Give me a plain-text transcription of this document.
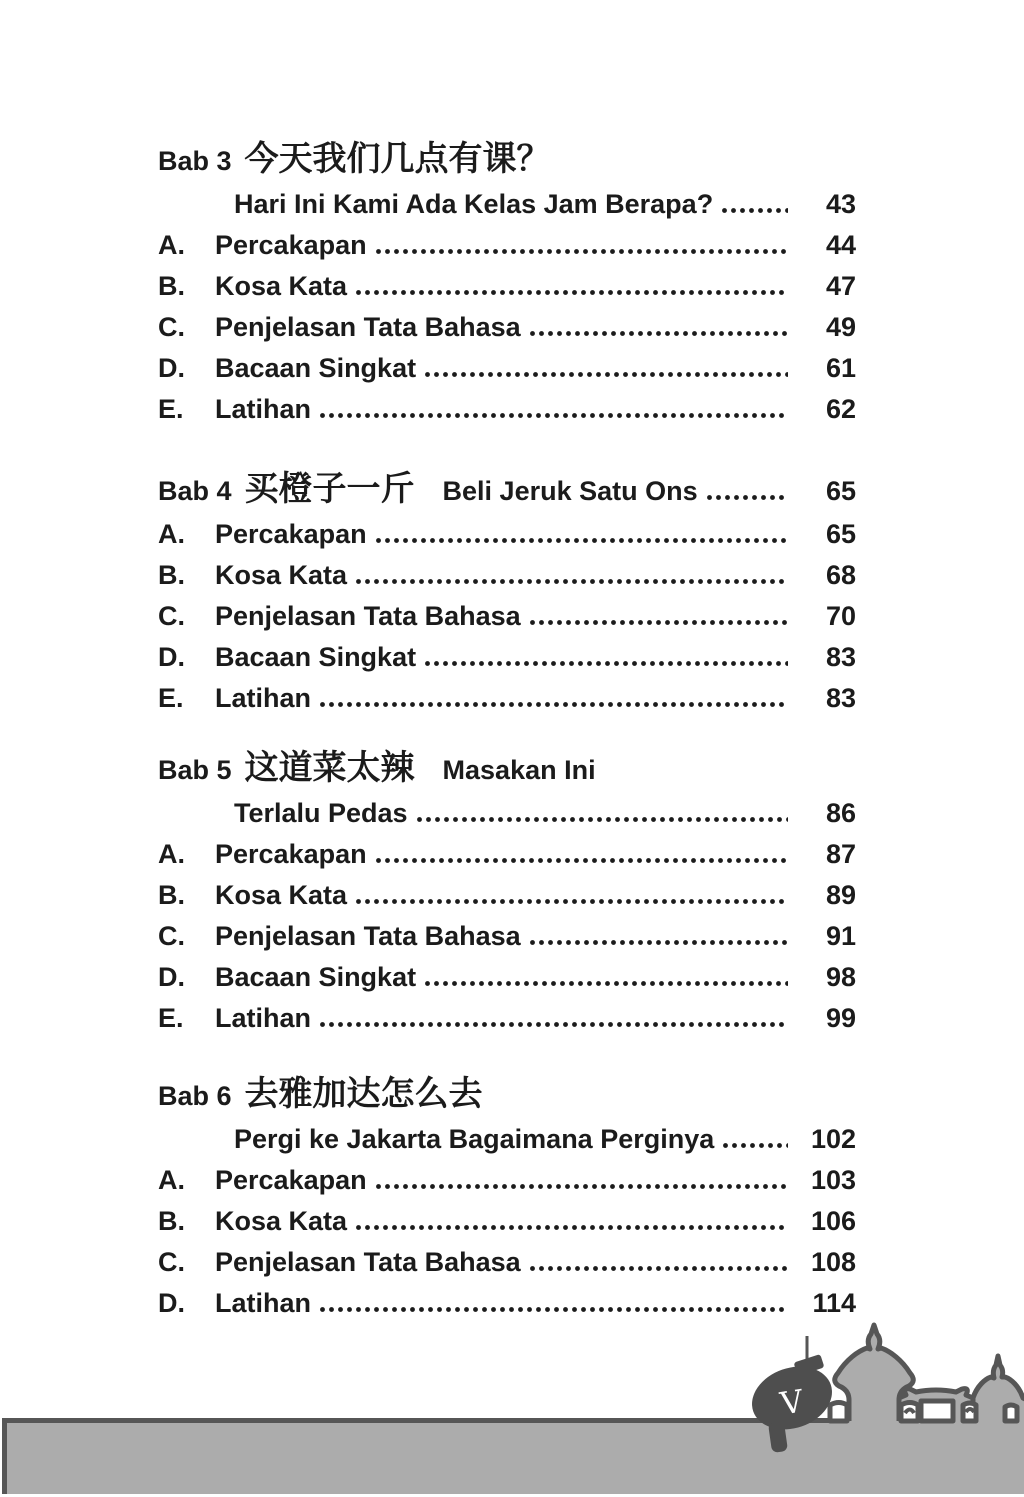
Bab 3 今天我们几点有课？
Hari Ini Kami Ada Kelas Jam Berapa?	43
A.	Percakapan	44
B.	Kosa Kata	47
C.	Penjelasan Tata Bahasa	49
D.	Bacaan Singkat	61
E.	Latihan	62
Bab 4 买橙子一斤 Beli Jeruk Satu Ons	65
A.	Percakapan	65
B.	Kosa Kata	68
C.	Penjelasan Tata Bahasa	70
D.	Bacaan Singkat	83
E.	Latihan	83
Bab 5 这道菜太辣 Masakan Ini
Terlalu Pedas	86
A.	Percakapan	87
B.	Kosa Kata	89
C.	Penjelasan Tata Bahasa	91
D.	Bacaan Singkat	98
E.	Latihan	99
Bab 6 去雅加达怎么去
Pergi ke Jakarta Bagaimana Perginya	102
A.	Percakapan	103
B.	Kosa Kata	106
C.	Penjelasan Tata Bahasa	108
D.	Latihan	114
V
